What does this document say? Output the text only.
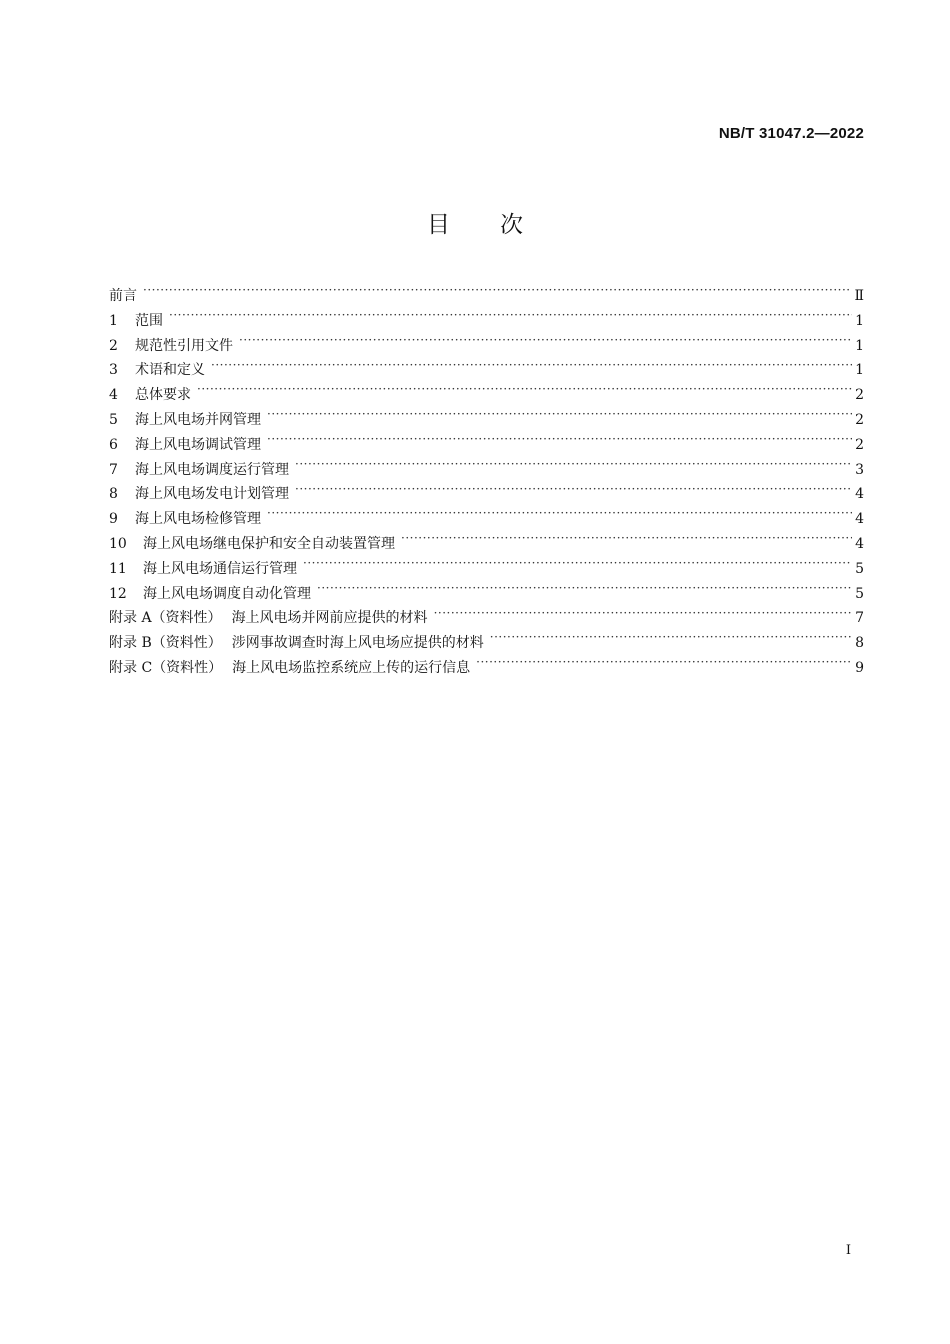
NB/T 31047.2—2022
目次
前言 ·····	Ⅱ
1	范围 ·····	1
2	规范性引用文件 ·····	1
3	术语和定义 ·····	1
4	总体要求 ·····	2
5	海上风电场并网管理 ·····	2
6	海上风电场调试管理 ·····	2
7	海上风电场调度运行管理 ·····	3
8	海上风电场发电计划管理 ·····	4
9	海上风电场检修管理 ·····	4
10	海上风电场继电保护和安全自动装置管理 ·····	4
11	海上风电场通信运行管理 ·····	5
12	海上风电场调度自动化管理 ·····	5
附录 A（资料性） 海上风电场并网前应提供的材料 ·····	7
附录 B（资料性） 涉网事故调查时海上风电场应提供的材料 ·····	8
附录 C（资料性） 海上风电场监控系统应上传的运行信息 ·····	9
I
